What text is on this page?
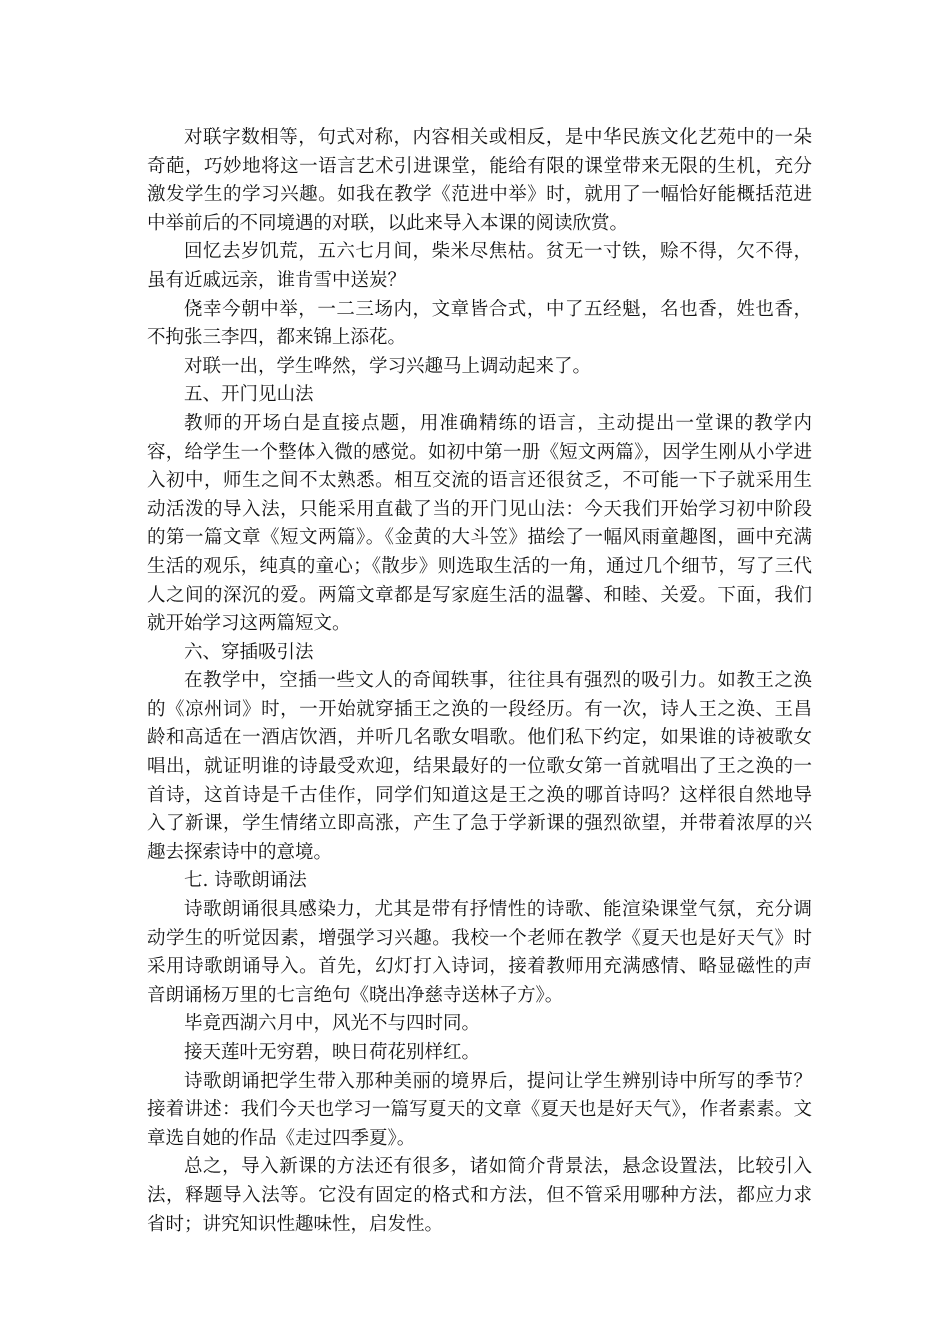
对联字数相等，句式对称，内容相关或相反，是中华民族文化艺苑中的一朵奇葩，巧妙地将这一语言艺术引进课堂，能给有限的课堂带来无限的生机，充分激发学生的学习兴趣。如我在教学《范进中举》时，就用了一幅恰好能概括范进中举前后的不同境遇的对联，以此来导入本课的阅读欣赏。

回忆去岁饥荒，五六七月间，柴米尽焦枯。贫无一寸铁，赊不得，欠不得，虽有近戚远亲，谁肯雪中送炭？

侥幸今朝中举，一二三场内，文章皆合式，中了五经魁，名也香，姓也香，不拘张三李四，都来锦上添花。

对联一出，学生哗然，学习兴趣马上调动起来了。

五、开门见山法

教师的开场白是直接点题，用准确精练的语言，主动提出一堂课的教学内容，给学生一个整体入微的感觉。如初中第一册《短文两篇》，因学生刚从小学进入初中，师生之间不太熟悉。相互交流的语言还很贫乏，不可能一下子就采用生动活泼的导入法，只能采用直截了当的开门见山法：今天我们开始学习初中阶段的第一篇文章《短文两篇》。《金黄的大斗笠》描绘了一幅风雨童趣图，画中充满生活的观乐，纯真的童心；《散步》则选取生活的一角，通过几个细节，写了三代人之间的深沉的爱。两篇文章都是写家庭生活的温馨、和睦、关爱。下面，我们就开始学习这两篇短文。

六、穿插吸引法

在教学中，空插一些文人的奇闻轶事，往往具有强烈的吸引力。如教王之涣的《凉州词》时，一开始就穿插王之涣的一段经历。有一次，诗人王之涣、王昌龄和高适在一酒店饮酒，并听几名歌女唱歌。他们私下约定，如果谁的诗被歌女唱出，就证明谁的诗最受欢迎，结果最好的一位歌女第一首就唱出了王之涣的一首诗，这首诗是千古佳作，同学们知道这是王之涣的哪首诗吗？这样很自然地导入了新课，学生情绪立即高涨，产生了急于学新课的强烈欲望，并带着浓厚的兴趣去探索诗中的意境。

七. 诗歌朗诵法

诗歌朗诵很具感染力，尤其是带有抒情性的诗歌、能渲染课堂气氛，充分调动学生的听觉因素，增强学习兴趣。我校一个老师在教学《夏天也是好天气》时采用诗歌朗诵导入。首先，幻灯打入诗词，接着教师用充满感情、略显磁性的声音朗诵杨万里的七言绝句《晓出净慈寺送林子方》。

毕竟西湖六月中，风光不与四时同。

接天莲叶无穷碧，映日荷花别样红。

诗歌朗诵把学生带入那种美丽的境界后，提问让学生辨别诗中所写的季节？接着讲述：我们今天也学习一篇写夏天的文章《夏天也是好天气》，作者素素。文章选自她的作品《走过四季夏》。

总之，导入新课的方法还有很多，诸如简介背景法，悬念设置法，比较引入法，释题导入法等。它没有固定的格式和方法，但不管采用哪种方法，都应力求省时；讲究知识性趣味性，启发性。
